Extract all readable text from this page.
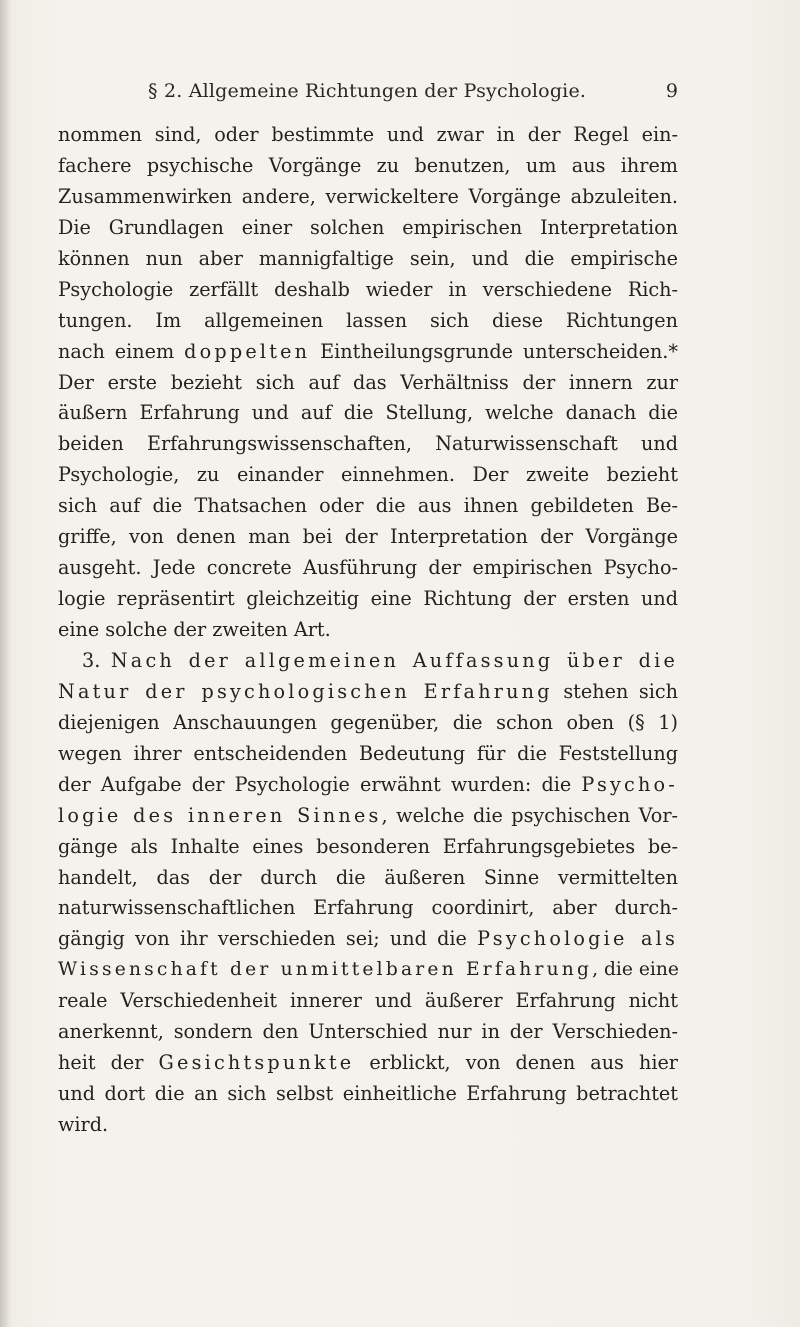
§ 2. Allgemeine Richtungen der Psychologie.	9
nommen sind, oder bestimmte und zwar in der Regel ein-
fachere psychische Vorgänge zu benutzen, um aus ihrem
Zusammenwirken andere, verwickeltere Vorgänge abzuleiten.
Die Grundlagen einer solchen empirischen Interpretation
können nun aber mannigfaltige sein, und die empirische
Psychologie zerfällt deshalb wieder in verschiedene Rich-
tungen. Im allgemeinen lassen sich diese Richtungen
nach einem doppelten Eintheilungsgrunde unterscheiden.*
Der erste bezieht sich auf das Verhältniss der innern zur
äußern Erfahrung und auf die Stellung, welche danach die
beiden Erfahrungswissenschaften, Naturwissenschaft und
Psychologie, zu einander einnehmen. Der zweite bezieht
sich auf die Thatsachen oder die aus ihnen gebildeten Be-
griffe, von denen man bei der Interpretation der Vorgänge
ausgeht. Jede concrete Ausführung der empirischen Psycho-
logie repräsentirt gleichzeitig eine Richtung der ersten und
eine solche der zweiten Art.
3. Nach der allgemeinen Auffassung über die
Natur der psychologischen Erfahrung stehen sich
diejenigen Anschauungen gegenüber, die schon oben (§ 1)
wegen ihrer entscheidenden Bedeutung für die Feststellung
der Aufgabe der Psychologie erwähnt wurden: die Psycho-
logie des inneren Sinnes, welche die psychischen Vor-
gänge als Inhalte eines besonderen Erfahrungsgebietes be-
handelt, das der durch die äußeren Sinne vermittelten
naturwissenschaftlichen Erfahrung coordinirt, aber durch-
gängig von ihr verschieden sei; und die Psychologie als
Wissenschaft der unmittelbaren Erfahrung, die eine
reale Verschiedenheit innerer und äußerer Erfahrung nicht
anerkennt, sondern den Unterschied nur in der Verschieden-
heit der Gesichtspunkte erblickt, von denen aus hier
und dort die an sich selbst einheitliche Erfahrung betrachtet
wird.
